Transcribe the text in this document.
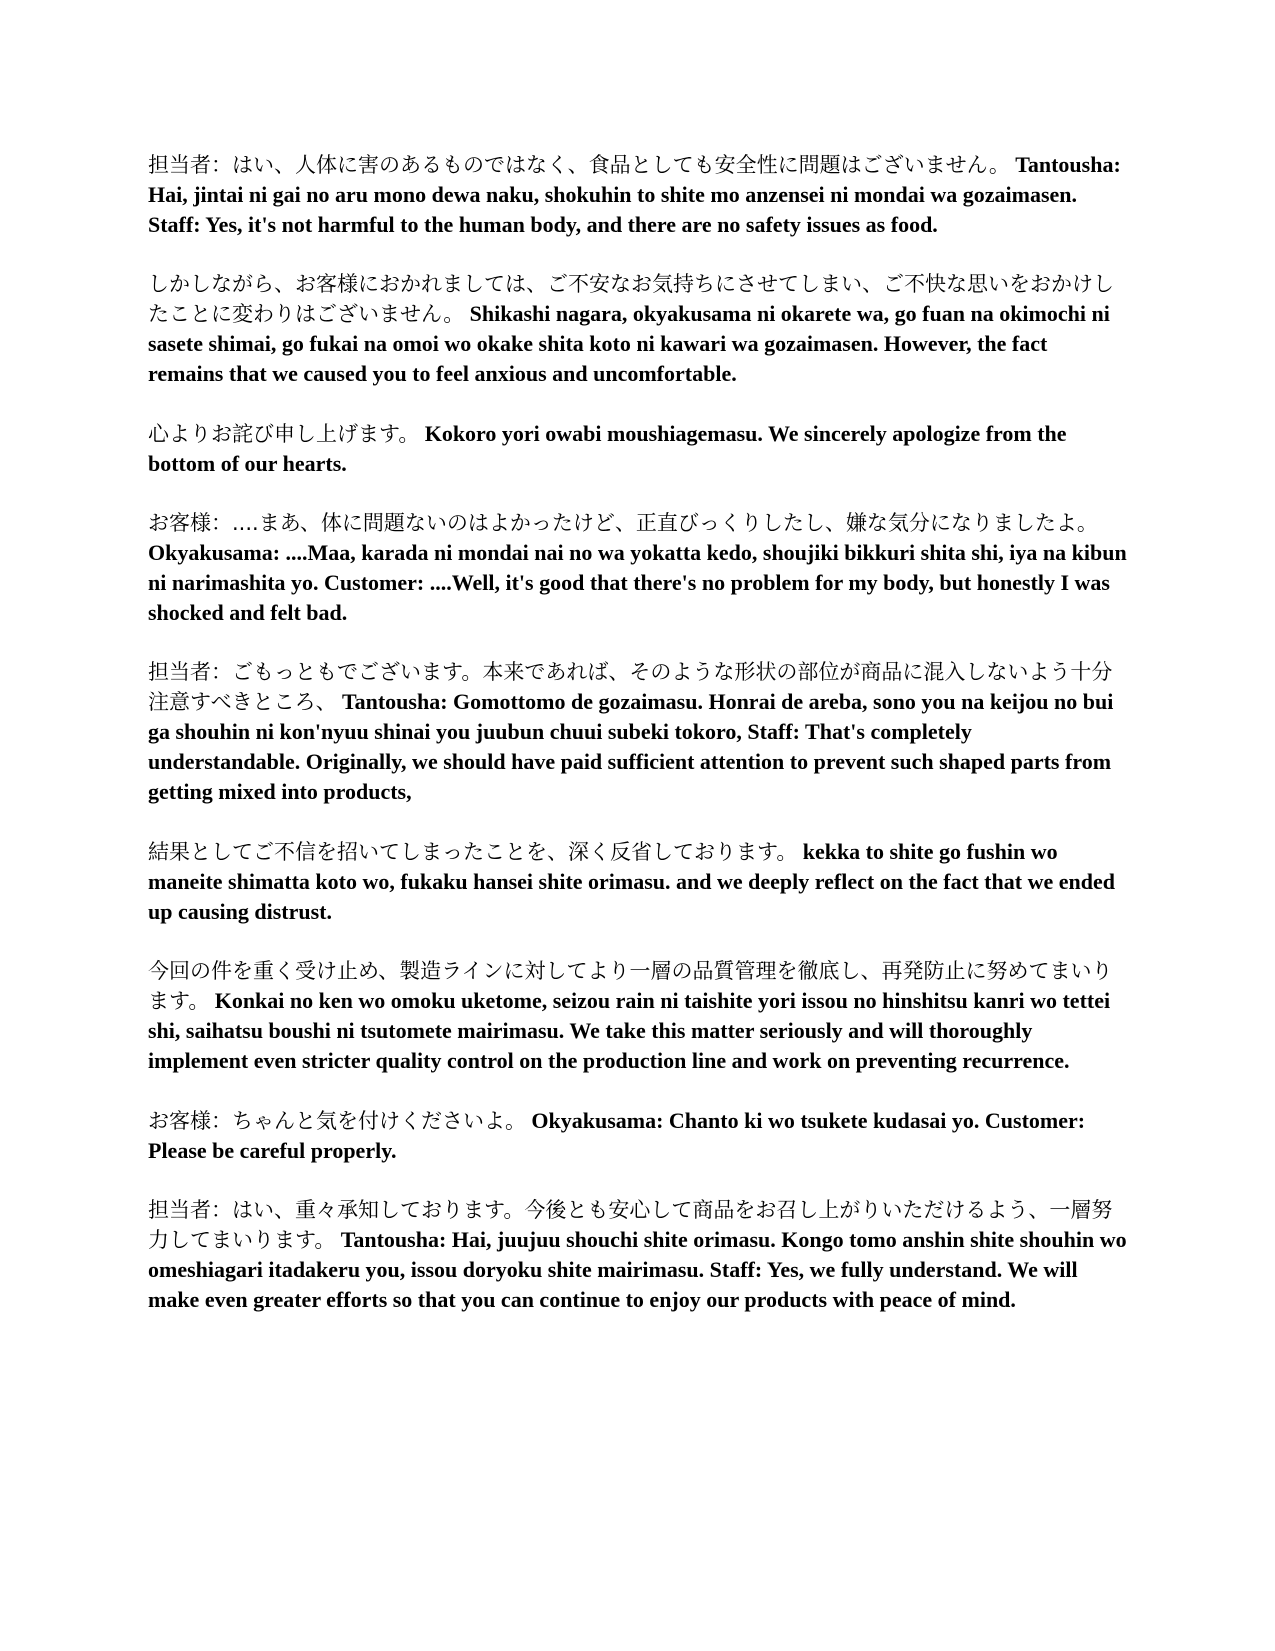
担当者：はい、人体に害のあるものではなく、食品としても安全性に問題はございません。 Tantousha: Hai, jintai ni gai no aru mono dewa naku, shokuhin to shite mo anzensei ni mondai wa gozaimasen. Staff: Yes, it's not harmful to the human body, and there are no safety issues as food.

しかしながら、お客様におかれましては、ご不安なお気持ちにさせてしまい、ご不快な思いをおかけしたことに変わりはございません。 Shikashi nagara, okyakusama ni okarete wa, go fuan na okimochi ni sasete shimai, go fukai na omoi wo okake shita koto ni kawari wa gozaimasen. However, the fact remains that we caused you to feel anxious and uncomfortable.

心よりお詫び申し上げます。 Kokoro yori owabi moushiagemasu. We sincerely apologize from the bottom of our hearts.

お客様：....まあ、体に問題ないのはよかったけど、正直びっくりしたし、嫌な気分になりましたよ。 Okyakusama: ....Maa, karada ni mondai nai no wa yokatta kedo, shoujiki bikkuri shita shi, iya na kibun ni narimashita yo. Customer: ....Well, it's good that there's no problem for my body, but honestly I was shocked and felt bad.

担当者：ごもっともでございます。本来であれば、そのような形状の部位が商品に混入しないよう十分注意すべきところ、 Tantousha: Gomottomo de gozaimasu. Honrai de areba, sono you na keijou no bui ga shouhin ni kon'nyuu shinai you juubun chuui subeki tokoro, Staff: That's completely understandable. Originally, we should have paid sufficient attention to prevent such shaped parts from getting mixed into products,

結果としてご不信を招いてしまったことを、深く反省しております。 kekka to shite go fushin wo maneite shimatta koto wo, fukaku hansei shite orimasu. and we deeply reflect on the fact that we ended up causing distrust.

今回の件を重く受け止め、製造ラインに対してより一層の品質管理を徹底し、再発防止に努めてまいります。 Konkai no ken wo omoku uketome, seizou rain ni taishite yori issou no hinshitsu kanri wo tettei shi, saihatsu boushi ni tsutomete mairimasu. We take this matter seriously and will thoroughly implement even stricter quality control on the production line and work on preventing recurrence.

お客様：ちゃんと気を付けくださいよ。 Okyakusama: Chanto ki wo tsukete kudasai yo. Customer: Please be careful properly.

担当者：はい、重々承知しております。今後とも安心して商品をお召し上がりいただけるよう、一層努力してまいります。 Tantousha: Hai, juujuu shouchi shite orimasu. Kongo tomo anshin shite shouhin wo omeshiagari itadakeru you, issou doryoku shite mairimasu. Staff: Yes, we fully understand. We will make even greater efforts so that you can continue to enjoy our products with peace of mind.
